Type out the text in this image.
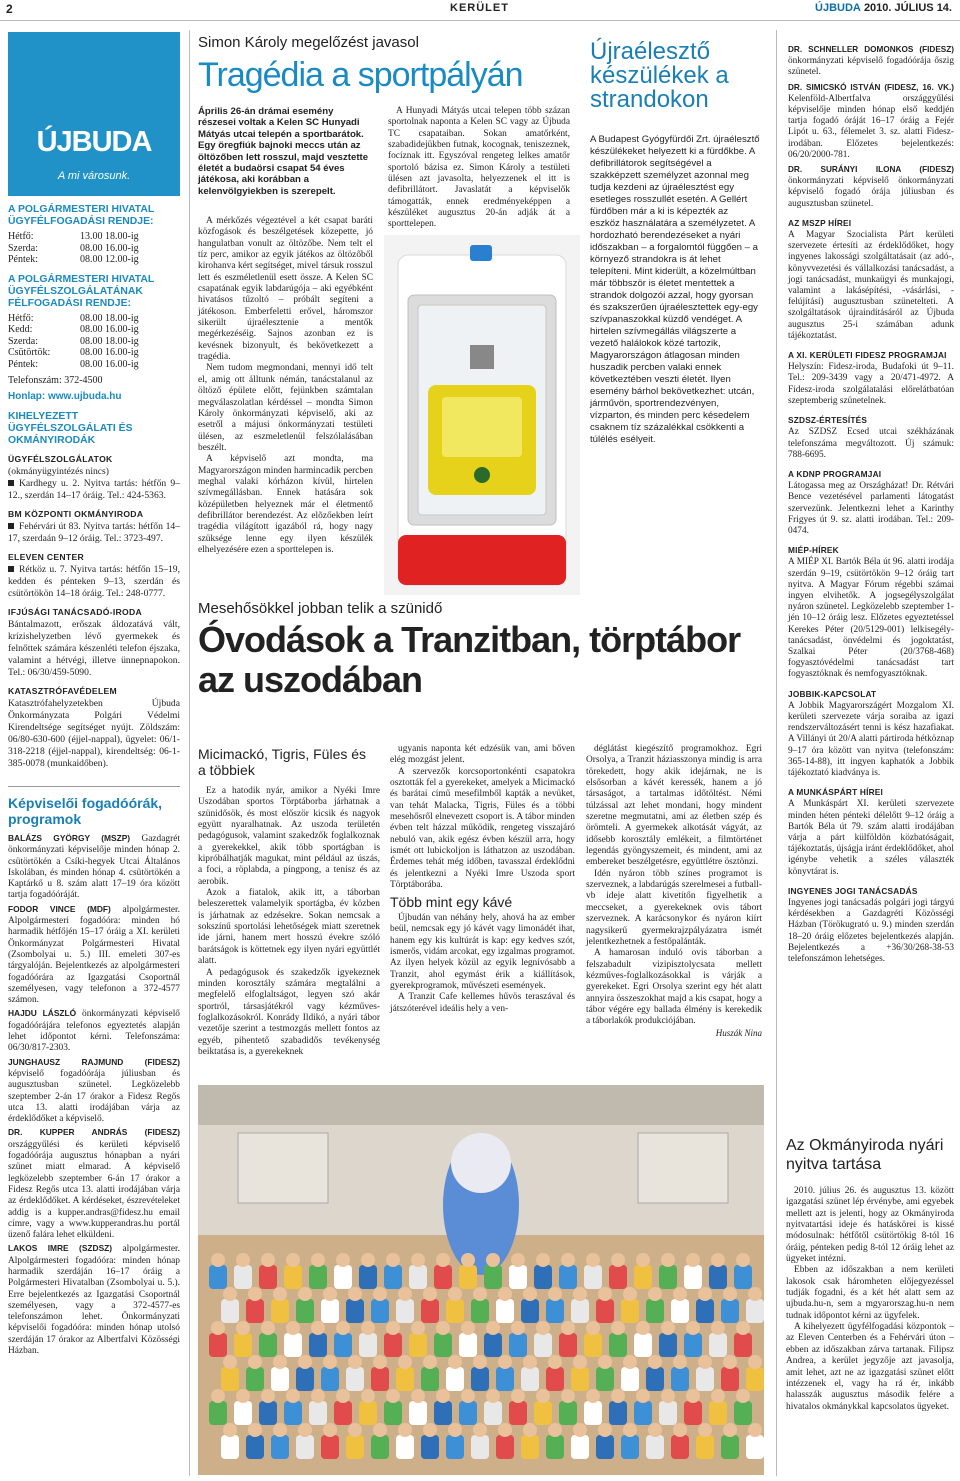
2	KERÜLET	ÚJBUDA 2010. JÚLIUS 14.
ÚJBUDA
A mi városunk.
A POLGÁRMESTERI HIVATAL ÜGYFÉLFOGADÁSI RENDJE:
Hétfő:	13.00 18.00-ig
Szerda:	08.00 16.00-ig
Péntek:	08.00 12.00-ig
A POLGÁRMESTERI HIVATAL ÜGYFÉLSZOLGÁLATÁNAK FÉLFOGADÁSI RENDJE:
Hétfő:	08.00 18.00-ig
Kedd:	08.00 16.00-ig
Szerda:	08.00 18.00-ig
Csütörtök:	08.00 16.00-ig
Péntek:	08.00 16.00-ig
Telefonszám: 372-4500
Honlap: www.ujbuda.hu
KIHELYEZETT ÜGYFÉLSZOLGÁLATI ÉS OKMÁNYIRODÁK
ÜGYFÉLSZOLGÁLATOK

(okmányügyintézés nincs)

Kardhegy u. 2. Nyitva tartás: hétfőn 9–12., szerdán 14–17 óráig. Tel.: 424-5363.

BM KÖZPONTI OKMÁNYIRODA

Fehérvári út 83. Nyitva tartás: hétfőn 14–17, szerdaán 9–12 óráig. Tel.: 3723-497.

ELEVEN CENTER

Rétköz u. 7. Nyitva tartás: hétfőn 15–19, kedden és pénteken 9–13, szerdán és csütörtökön 14–18 óráig. Tel.: 248-0777.

IFJÚSÁGI TANÁCSADÓ-IRODA

Bántalmazott, erőszak áldozatává vált, krízishelyzetben lévő gyermekek és felnőttek számára készenléti telefon éjszaka, valamint a hétvégi, illetve ünnepnapokon. Tel.: 06/30/459-5090.

KATASZTRÓFAVÉDELEM

Katasztrófahelyzetekben Újbuda Önkormányzata Polgári Védelmi Kirendeltsége segítséget nyújt. Zöldszám: 06/80-630-600 (éjjel-nappal), ügyelet: 06/1-318-2218 (éjjel-nappal), kirendeltség: 06-1-385-0078 (munkaidőben).

Képviselői fogadóórák, programok

BALÁZS GYÖRGY (MSZP) Gazdagrét önkormányzati képviselője minden hónap 2. csütörtökén a Csíki-hegyek Utcai Általános Iskolában, és minden hónap 4. csütörtökén a Kaptárkő u 8. szám alatt 17–19 óra között tartja fogadóóráját.

FODOR VINCE (MDF) alpolgármester. Alpolgármesteri fogadóóra: minden hó harmadik hétfőjén 15–17 óráig a XI. kerületi Önkormányzat Polgármesteri Hivatal (Zsombolyai u. 5.) III. emeleti 307-es tárgyalóján. Bejelentkezés az alpolgármesteri fogadóórára az Igazgatási Csoportnál személyesen, vagy telefonon a 372-4577 számon.

HAJDU LÁSZLÓ önkormányzati képviselő fogadóórájára telefonos egyeztetés alapján lehet időpontot kérni. Telefonszáma: 06/30/817-2303.

JUNGHAUSZ RAJMUND (FIDESZ) képviselő fogadóórája júliusban és augusztusban szünetel. Legközelebb szeptember 2-án 17 órakor a Fidesz Regős utca 13. alatti irodájában várja az érdeklődőket a képviselő.

DR. KUPPER ANDRÁS (FIDESZ) országgyűlési és kerületi képviselő fogadóórája augusztus hónapban a nyári szünet miatt elmarad. A képviselő legközelebb szeptember 6-án 17 órakor a Fidesz Regős utca 13. alatti irodájában várja az érdeklődőket. A kérdéseket, észrevételeket addig is a kupper.andras@fidesz.hu email címre, vagy a www.kupperandras.hu portál üzenő falára lehet elküldeni.

LAKOS IMRE (SZDSZ) alpolgármester. Alpolgármesteri fogadóóra: minden hónap harmadik szerdáján 16–17 óráig a Polgármesteri Hivatalban (Zsombolyai u. 5.). Erre bejelentkezés az Igazgatási Csoportnál személyesen, vagy a 372-4577-es telefonszámon lehet. Önkormányzati képviselői fogadóóra: minden hónap utolsó szerdáján 17 órakor az Albertfalvi Közösségi Házban.

Simon Károly megelőzést javasol
Tragédia a sportpályán
Április 26-án drámai esemény részesei voltak a Kelen SC Hunyadi Mátyás utcai telepén a sportbarátok. Egy öregfiúk bajnoki meccs után az öltözőben lett rosszul, majd vesztette életét a budaörsi csapat 54 éves játékosa, aki korábban a kelenvölgyiekben is szerepelt.

A mérkőzés végeztével a két csapat baráti közfogások és beszélgetések közepette, jó hangulatban vonult az öltözőbe. Nem telt el tíz perc, amikor az egyik játékos az öltözőből kirohanva kért segítséget, mivel társuk rosszul lett és eszméletlenül esett össze. A Kelen SC csapatának egyik labdarúgója – aki egyébként hivatásos tűzoltó – próbált segíteni a játékoson. Emberfeletti erővel, háromszor sikerült újraélesztenie a mentők megérkezéséig. Sajnos azonban ez is kevésnek bizonyult, és bekövetkezett a tragédia.

Nem tudom megmondani, mennyi idő telt el, amig ott álltunk némán, tanácstalanul az öltöző épülete előtt, fejünkben számtalan megválaszolatlan kérdéssel – mondta Simon Károly önkormányzati képviselő, aki az esetről a májusi önkormányzati testületi ülésen, az eszmeletlenül felszólalásában beszélt.

A képviselő azt mondta, ma Magyarországon minden harmincadik percben meghal valaki kórházon kívül, hirtelen szívmegállásban. Ennek hatására sok középületben helyeznek már el életmentő defibrillátor berendezést. Az elõzőekben leírt tragédia világított igazából rá, hogy nagy szüksége lenne egy ilyen készülék elhelyezésére ezen a sporttelepen is.

A Hunyadi Mátyás utcai telepen több százan sportolnak naponta a Kelen SC vagy az Újbuda TC csapataiban. Sokan amatőrként, szabadidejükben futnak, kocognak, teniszeznek, focíznak itt. Egyszóval rengeteg lelkes amatőr sportoló bázisa ez. Simon Károly a testületi ülésen azt javasolta, helyezzenek el itt is defibrillátort. Javaslatát a képviselők támogatták, ennek eredményeképpen a készüléket augusztus 20-án adják át a sporttelepen.

Újraélesztő készülékek a strandokon

A Budapest Gyógyfürdői Zrt. újraélesztő készülékeket helyezett ki a fürdőkbe. A defibrillátorok segítségével a szakképzett személyzet azonnal meg tudja kezdeni az újraélesztést egy esetleges rosszullét esetén. A Gellért fürdőben már a ki is képezték az eszköz használatára a személyzetet. A hordozható berendezéseket a nyári időszakban – a forgalomtól függően – a környező strandokra is át lehet telepíteni. Mint kiderült, a közelmúltban már többször is életet mentettek a strandok dolgozói azzal, hogy gyorsan és szakszerűen újraélesztettek egy-egy szívpanaszokkal küzdő vendéget. A hirtelen szívmegállás világszerte a vezető halálokok közé tartozik, Magyarországon átlagosan minden huszadik percben valaki ennek következtében veszti életét. Ilyen esemény bárhol bekövetkezhet: utcán, járművön, sportrendezvényen, vízparton, és minden perc késedelem csaknem tíz százalékkal csökkenti a túlélés esélyeit.

Mesehősökkel jobban telik a szünidő
Óvodások a Tranzitban, törptábor az uszodában
Micimackó, Tigris, Füles és a többiek

Ez a hatodik nyár, amikor a Nyéki Imre Uszodában sportos Törptáborba járhatnak a szünidősök, és most először kicsik és nagyok együtt nyaralhatnak. Az uszoda területén pedagógusok, valamint szakedzők foglalkoznak a gyerekekkel, akik több sportágban is kipróbálhatják magukat, mint például az úszás, a foci, a röplabda, a pingpong, a tenisz és az aerobik.

Azok a fiatalok, akik itt, a táborban beleszerettek valamelyik sportágba, év közben is járhatnak az edzésekre. Sokan nemcsak a sokszínű sportolási lehetőségek miatt szeretnek ide járni, hanem mert hosszú évekre szóló barátságok is köttetnek egy ilyen nyári együttlét alatt.

A pedagógusok és szakedzők igyekeznek minden korosztály számára megtalálni a megfelelő elfoglaltságot, legyen szó akár sportról, társasjátékról vagy kézműves-foglalkozásokról. Konrády Ildikó, a nyári tábor vezetője szerint a testmozgás mellett fontos az egyéb, pihentető szabadidős tevékenység beiktatása is, a gyerekeknek

ugyanis naponta két edzésük van, ami bőven elég mozgást jelent.

A szervezők korcsoportonkénti csapatokra osztották fel a gyerekeket, amelyek a Micimackó és barátai című mesefilmből kapták a nevüket, van tehát Malacka, Tigris, Füles és a többi mesehősről elnevezett csoport is. A tábor minden évben telt házzal működik, rengeteg visszajáró nebuló van, akik egész évben készül arra, hogy ismét ott lubickoljon is láthatzon az uszodában. Érdemes tehát még időben, tavasszal érdeklődni és jelentkezni a Nyéki Imre Uszoda sport Törptáborába.

Több mint egy kávé

Újbudán van néhány hely, ahová ha az ember beül, nemcsak egy jó kávét vagy limonádét ihat, hanem egy kis kultúrát is kap: egy kedves szót, ismerős, vidám arcokat, egy izgalmas programot. Az ilyen helyek közül az egyik legnívósabb a Tranzit, ahol egymást érik a kiállítások, gyerekprogramok, művészeti események.

A Tranzit Cafe kellemes hűvös teraszával és játszóterével ideális hely a ven-

déglátást kiegészítő programokhoz. Egri Orsolya, a Tranzit háziasszonya mindig is arra törekedett, hogy akik idejárnak, ne is elsősorban a kávét keressék, hanem a jó társaságot, a tartalmas időtöltést. Némi túlzással azt lehet mondani, hogy mindent szeretne megmutatni, ami az életben szép és örömteli. A gyermekek alkotását vágyát, az idősebb korosztály emlékeit, a filmtörténet legendás gyöngyszemeit, és mindent, ami az embereket beszélgetésre, együttlétre ösztönzi.

Idén nyáron több színes programot is szerveznek, a labdarúgás szerelmesei a futball-vb ideje alatt kivetítőn figyelhetik a meccseket, a gyerekeknek ovis tábort szerveznek. A karácsonykor és nyáron kiírt nagysikerű gyermekrajzpályázatra ismét jelentkezhetnek a festőpalánták.

A hamarosan induló ovis táborban a felszabadult vizipisztolycsata mellett kézműves-foglalkozásokkal is várják a gyerekeket. Egri Orsolya szerint egy hét alatt annyira összeszokhat majd a kis csapat, hogy a tábor végére egy ballada élmény is kerekedik a táborlakók produkciójában.

Huszák Nina

DR. SCHNELLER DOMONKOS (FIDESZ) önkormányzati képviselő fogadóórája őszig szünetel.

DR. SIMICSKÓ ISTVÁN (FIDESZ, 16. VK.) Kelenföld-Albertfalva országgyűlési képviselője minden hónap első keddjén tartja fogadó óráját 16–17 óráig a Fejér Lipót u. 63., félemelet 3. sz. alatti Fidesz-irodában. Előzetes bejelentkezés: 06/20/2000-781.

DR. SURÁNYI ILONA (FIDESZ) önkormányzati képviselő önkormányzati képviselő fogadó órája júliusban és augusztusban szünetel.

AZ MSZP HÍREI

A Magyar Szocialista Párt kerületi szervezete értesíti az érdeklődőket, hogy ingyenes lakossági szolgáltatásait (az adó-, könyvvezetési és vállalkozási tanácsadást, a jogi tanácsadást, munkaügyi és munkajogi, valamint a lakásépítési, -vásárlási, -felújítási) augusztusban szünetelteti. A szolgáltatások újraindításáról az Újbuda augusztus 25-i számában adunk tájékoztatást.

A XI. KERÜLETI FIDESZ PROGRAMJAI

Helyszín: Fidesz-iroda, Budafoki út 9–11. Tel.: 209-3439 vagy a 20/471-4972. A Fidesz-iroda szolgálatalási előrelátbatóan szeptemberig szünetelnek.

SZDSZ-ÉRTESÍTÉS

Az SZDSZ Ecsed utcai székházának telefonszáma megváltozott. Új számuk: 788-6695.

A KDNP PROGRAMJAI

Látogassa meg az Országházat! Dr. Rétvári Bence vezetésével parlamenti látogatást szervezünk. Jelentkezni lehet a Karinthy Frigyes út 9. sz. alatti irodában. Tel.: 209-0474.

MIÉP-HÍREK

A MIÉP XI. Bartók Béla út 96. alatti irodája szerdán 9–19, csütörtökön 9–12 óráig tart nyitva. A Magyar Fórum régebbi számai ingyen elvihetők. A jogsegélyszolgálat nyáron szünetel. Legközelebb szeptember 1-jén 10–12 óráig lesz. Előzetes egyeztetéssel Kerekes Péter (20/5129-001) lelkisegély-tanácsadást, önvédelmi és jogoktatást, Szalkai Péter (20/3768-468) fogyasztóvédelmi tanácsadást tart fogyasztóknak és nemfogyasztóknak.

JOBBIK-KAPCSOLAT

A Jobbik Magyarországért Mozgalom XI. kerületi szervezete várja soraiba az igazi rendszerváltozásért tenni is kész hazafiakat. A Villányi út 20/A alatti pártiroda hétköznap 9–17 óra között van nyitva (telefonszám: 365-14-88), itt ingyen kaphatók a Jobbik tájékoztató kiadványa is.

A MUNKÁSPÁRT HÍREI

A Munkáspárt XI. kerületi szervezete minden héten pénteki délelőtt 9–12 óráig a Bartók Béla út 79. szám alatti irodájában várja a párt külföldön közbatóságait, tájékoztatás, újságja iránt érdeklődőket, ahol igénybe vehetik a széles választék könyvtárat is.

INGYENES JOGI TANÁCSADÁS

Ingyenes jogi tanácsadás polgári jogi tárgyú kérdésekben a Gazdagréti Közösségi Házban (Törökugrató u. 9.) minden szerdán 18–20 óráig előzetes bejelentkezés alapján. Bejelentkezés a +36/30/268-38-53 telefonszámon lehetséges.

Az Okmányiroda nyári nyitva tartása

2010. július 26. és augusztus 13. között igazgatási szünet lép érvénybe, ami egyebek mellett azt is jelenti, hogy az Okmányiroda nyitvatartási ideje és hatáskörei is kissé módosulnak: hétfőtől csütörtökig 8-tól 16 óráig, pénteken pedig 8-tól 12 óráig lehet az ügyeket intézni.

Ebben az időszakban a nem kerületi lakosok csak háromheten előjegyezéssel tudják fogadni, és a két hét alatt sem az ujbuda.hu-n, sem a mgyarorszag.hu-n nem tudnak időpontot kérni az ügyfelek.

A kihelyezett ügyfélfogadási központok – az Eleven Centerben és a Fehérvári úton – ebben az időszakban zárva tartanak. Filipsz Andrea, a kerület jegyzője azt javasolja, amit lehet, azt ne az igazgatási szünet előtt intézzenek el, vagy ha rá ér, inkább halasszák augusztus második felére a hivatalos okmánykkal kapcsolatos ügyeket.
